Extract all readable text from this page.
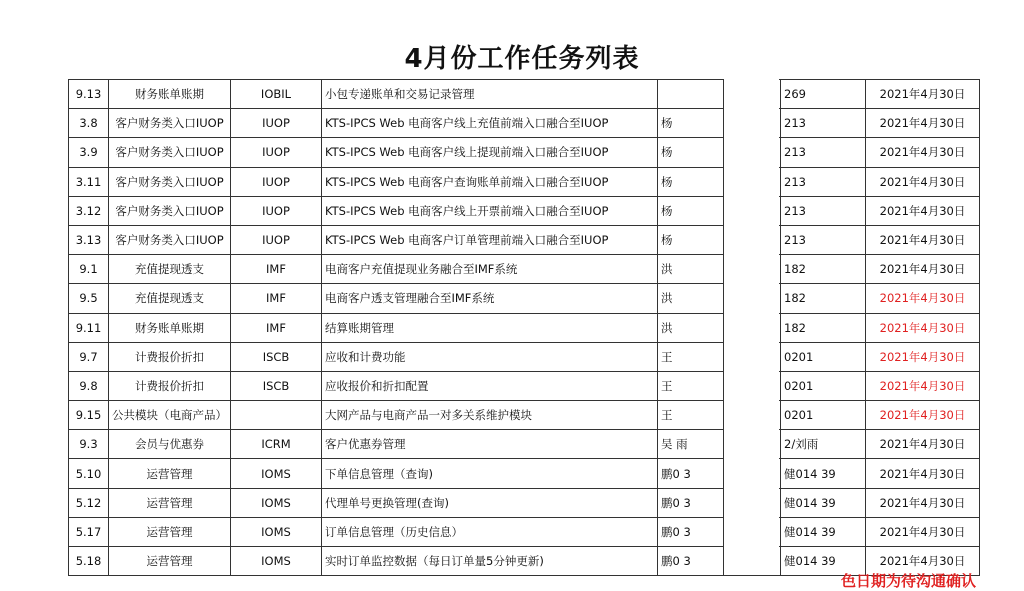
4月份工作任务列表
9.13	财务账单账期	IOBIL	小包专递账单和交易记录管理			269	2021年4月30日
3.8	客户财务类入口IUOP	IUOP	KTS-IPCS Web 电商客户线上充值前端入口融合至IUOP	杨		213	2021年4月30日
3.9	客户财务类入口IUOP	IUOP	KTS-IPCS Web 电商客户线上提现前端入口融合至IUOP	杨		213	2021年4月30日
3.11	客户财务类入口IUOP	IUOP	KTS-IPCS Web 电商客户查询账单前端入口融合至IUOP	杨		213	2021年4月30日
3.12	客户财务类入口IUOP	IUOP	KTS-IPCS Web 电商客户线上开票前端入口融合至IUOP	杨		213	2021年4月30日
3.13	客户财务类入口IUOP	IUOP	KTS-IPCS Web 电商客户订单管理前端入口融合至IUOP	杨		213	2021年4月30日
9.1	充值提现透支	IMF	电商客户充值提现业务融合至IMF系统	洪		182	2021年4月30日
9.5	充值提现透支	IMF	电商客户透支管理融合至IMF系统	洪		182	2021年4月30日
9.11	财务账单账期	IMF	结算账期管理	洪		182	2021年4月30日
9.7	计费报价折扣	ISCB	应收和计费功能	王		0201	2021年4月30日
9.8	计费报价折扣	ISCB	应收报价和折扣配置	王		0201	2021年4月30日
9.15	公共模块（电商产品）		大网产品与电商产品一对多关系维护模块	王		0201	2021年4月30日
9.3	会员与优惠券	ICRM	客户优惠券管理	吴 雨		2/刘雨	2021年4月30日
5.10	运营管理	IOMS	下单信息管理（查询)	鹏0 3		健014 39	2021年4月30日
5.12	运营管理	IOMS	代理单号更换管理(查询)	鹏0 3		健014 39	2021年4月30日
5.17	运营管理	IOMS	订单信息管理（历史信息）	鹏0 3		健014 39	2021年4月30日
5.18	运营管理	IOMS	实时订单监控数据（每日订单量5分钟更新)	鹏0 3		健014 39	2021年4月30日
色日期为待沟通确认
